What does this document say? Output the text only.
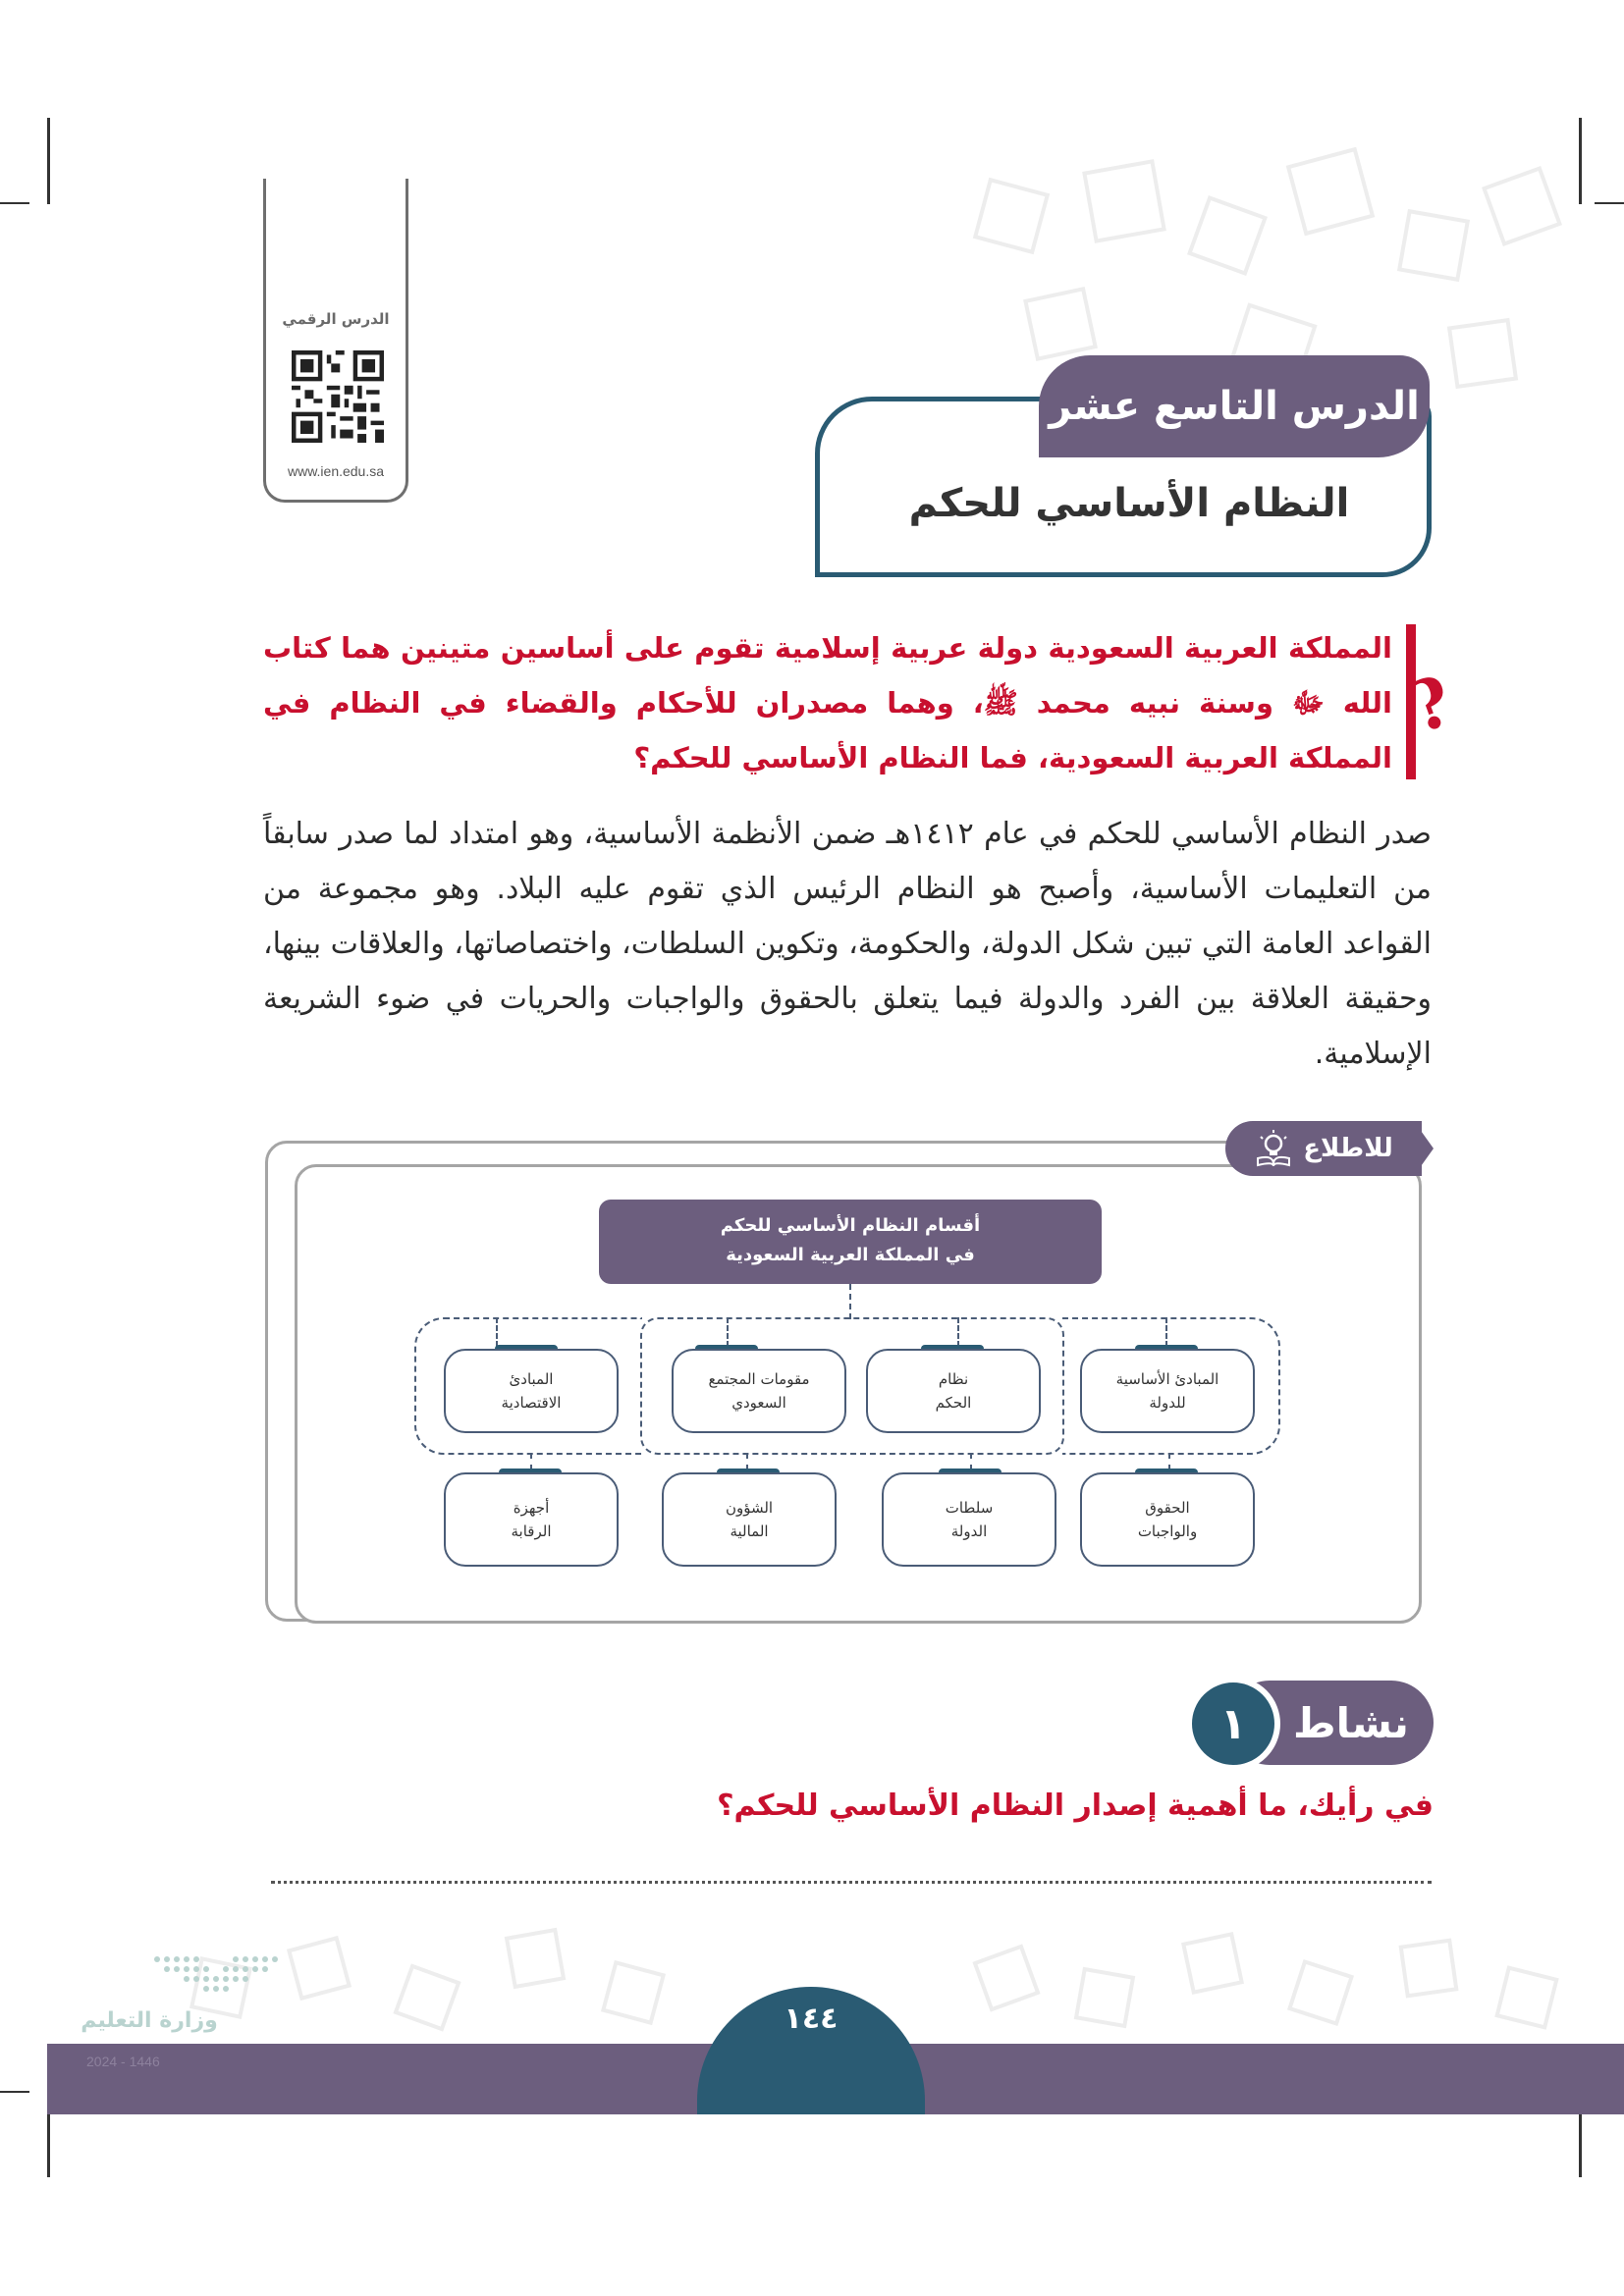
الدرس الرقمي
www.ien.edu.sa
الدرس التاسع عشر
النظام الأساسي للحكم
?

المملكة العربية السعودية دولة عربية إسلامية تقوم على أساسين متينين هما كتاب الله ﷻ وسنة نبيه محمد ﷺ، وهما مصدران للأحكام والقضاء في النظام في المملكة العربية السعودية، فما النظام الأساسي للحكم؟

صدر النظام الأساسي للحكم في عام ١٤١٢هـ ضمن الأنظمة الأساسية، وهو امتداد لما صدر سابقاً من التعليمات الأساسية، وأصبح هو النظام الرئيس الذي تقوم عليه البلاد. وهو مجموعة من القواعد العامة التي تبين شكل الدولة، والحكومة، وتكوين السلطات، واختصاصاتها، والعلاقات بينها، وحقيقة العلاقة بين الفرد والدولة فيما يتعلق بالحقوق والواجبات والحريات في ضوء الشريعة الإسلامية.

للاطلاع
أقسام النظام الأساسي للحكم
في المملكة العربية السعودية
المبادئ الأساسية
للدولة
نظام
الحكم
مقومات المجتمع
السعودي
المبادئ
الاقتصادية
الحقوق
والواجبات
سلطات
الدولة
الشؤون
المالية
أجهزة
الرقابة
نشاط
١
في رأيك، ما أهمية إصدار النظام الأساسي للحكم؟
١٤٤
وزارة التعليم
2024 - 1446
